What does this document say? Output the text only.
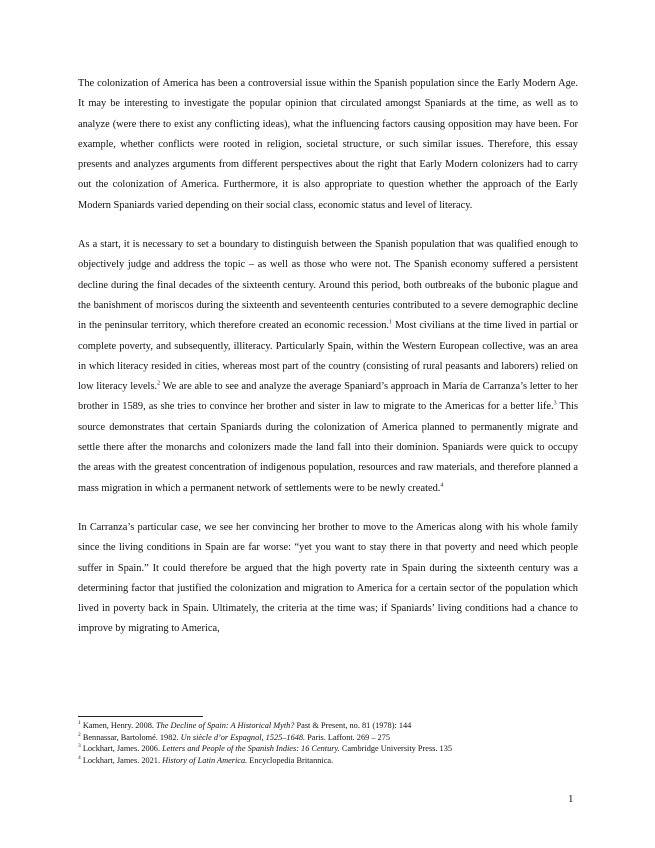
The colonization of America has been a controversial issue within the Spanish population since the Early Modern Age. It may be interesting to investigate the popular opinion that circulated amongst Spaniards at the time, as well as to analyze (were there to exist any conflicting ideas), what the influencing factors causing opposition may have been. For example, whether conflicts were rooted in religion, societal structure, or such similar issues. Therefore, this essay presents and analyzes arguments from different perspectives about the right that Early Modern colonizers had to carry out the colonization of America. Furthermore, it is also appropriate to question whether the approach of the Early Modern Spaniards varied depending on their social class, economic status and level of literacy.

As a start, it is necessary to set a boundary to distinguish between the Spanish population that was qualified enough to objectively judge and address the topic – as well as those who were not. The Spanish economy suffered a persistent decline during the final decades of the sixteenth century. Around this period, both outbreaks of the bubonic plague and the banishment of moriscos during the sixteenth and seventeenth centuries contributed to a severe demographic decline in the peninsular territory, which therefore created an economic recession.$^1$ Most civilians at the time lived in partial or complete poverty, and subsequently, illiteracy. Particularly Spain, within the Western European collective, was an area in which literacy resided in cities, whereas most part of the country (consisting of rural peasants and laborers) relied on low literacy levels.$^2$ We are able to see and analyze the average Spaniard’s approach in María de Carranza’s letter to her brother in 1589, as she tries to convince her brother and sister in law to migrate to the Americas for a better life.$^3$ This source demonstrates that certain Spaniards during the colonization of America planned to permanently migrate and settle there after the monarchs and colonizers made the land fall into their dominion. Spaniards were quick to occupy the areas with the greatest concentration of indigenous population, resources and raw materials, and therefore planned a mass migration in which a permanent network of settlements were to be newly created.$^4$

In Carranza’s particular case, we see her convincing her brother to move to the Americas along with his whole family since the living conditions in Spain are far worse: “yet you want to stay there in that poverty and need which people suffer in Spain.” It could therefore be argued that the high poverty rate in Spain during the sixteenth century was a determining factor that justified the colonization and migration to America for a certain sector of the population which lived in poverty back in Spain. Ultimately, the criteria at the time was; if Spaniards’ living conditions had a chance to improve by migrating to America,

$^1$ Kamen, Henry. 2008. The Decline of Spain: A Historical Myth? Past & Present, no. 81 (1978): 144

$^2$ Bennassar, Bartolomé. 1982. Un siècle d’or Espagnol, 1525–1648. Paris. Laffont. 269 – 275

$^3$ Lockhart, James. 2006. Letters and People of the Spanish Indies: 16 Century. Cambridge University Press. 135

$^4$ Lockhart, James. 2021. History of Latin America. Encyclopedia Britannica.

1
